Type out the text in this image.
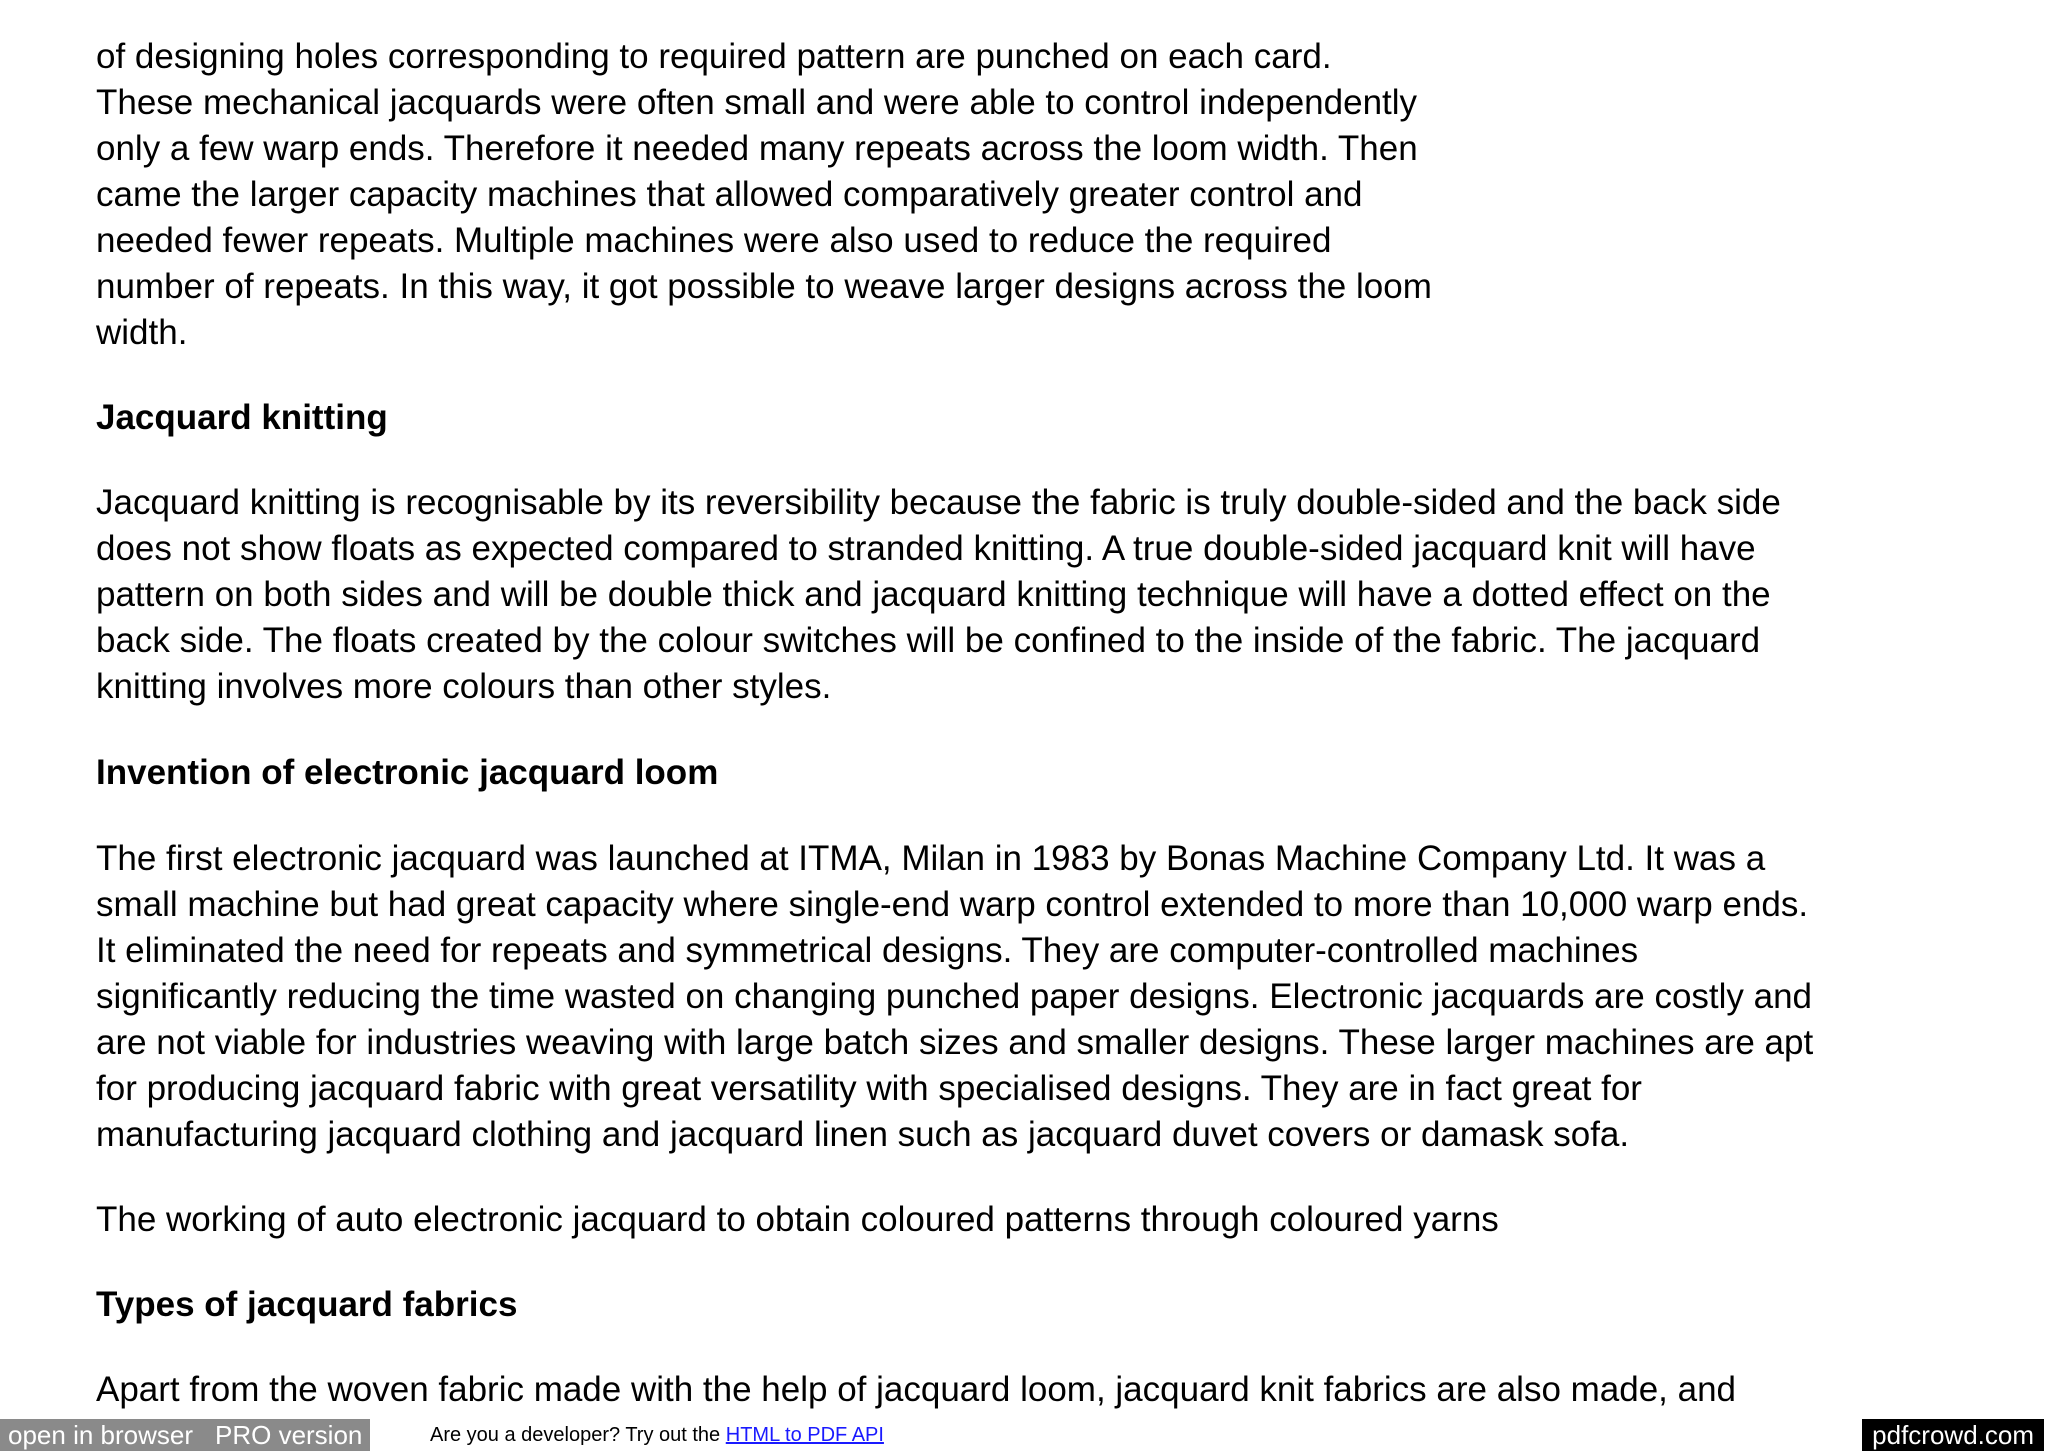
of designing holes corresponding to required pattern are punched on each card.
These mechanical jacquards were often small and were able to control independently
only a few warp ends. Therefore it needed many repeats across the loom width. Then
came the larger capacity machines that allowed comparatively greater control and
needed fewer repeats. Multiple machines were also used to reduce the required
number of repeats. In this way, it got possible to weave larger designs across the loom
width.
Jacquard knitting
Jacquard knitting is recognisable by its reversibility because the fabric is truly double-sided and the back side
does not show floats as expected compared to stranded knitting. A true double-sided jacquard knit will have
pattern on both sides and will be double thick and jacquard knitting technique will have a dotted effect on the
back side. The floats created by the colour switches will be confined to the inside of the fabric. The jacquard
knitting involves more colours than other styles.
Invention of electronic jacquard loom
The first electronic jacquard was launched at ITMA, Milan in 1983 by Bonas Machine Company Ltd. It was a
small machine but had great capacity where single-end warp control extended to more than 10,000 warp ends.
It eliminated the need for repeats and symmetrical designs. They are computer-controlled machines
significantly reducing the time wasted on changing punched paper designs. Electronic jacquards are costly and
are not viable for industries weaving with large batch sizes and smaller designs. These larger machines are apt
for producing jacquard fabric with great versatility with specialised designs. They are in fact great for
manufacturing jacquard clothing and jacquard linen such as jacquard duvet covers or damask sofa.
The working of auto electronic jacquard to obtain coloured patterns through coloured yarns
Types of jacquard fabrics
Apart from the woven fabric made with the help of jacquard loom, jacquard knit fabrics are also made, and
open in browser PRO version	Are you a developer? Try out the HTML to PDF API	pdfcrowd.com
